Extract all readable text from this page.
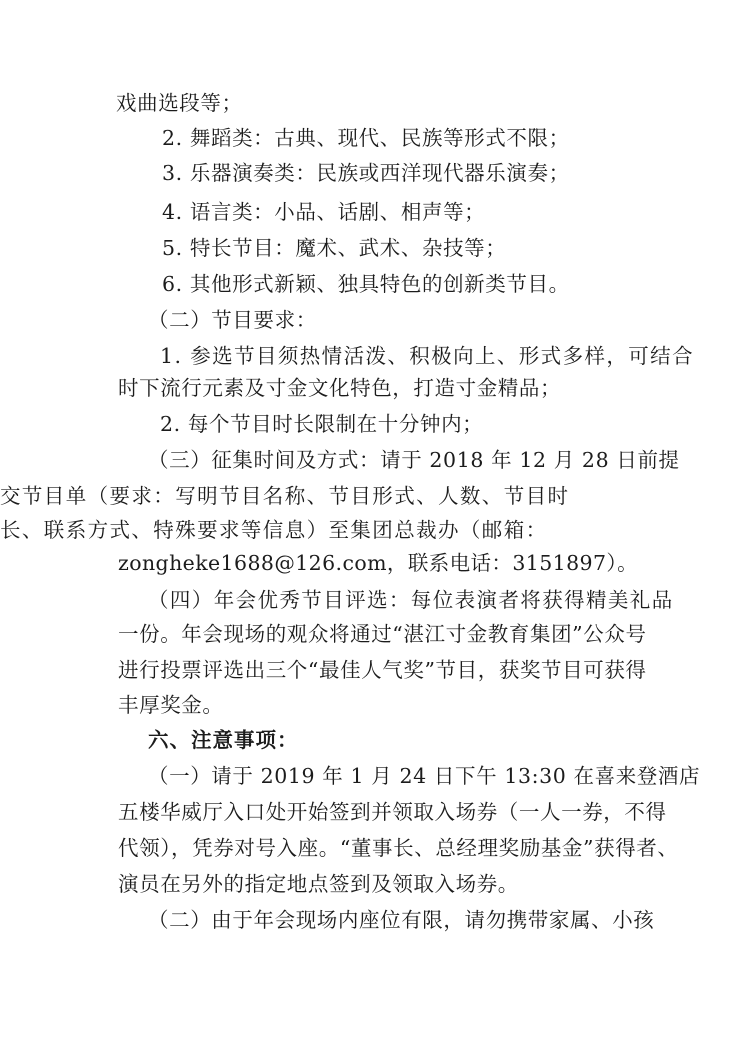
戏曲选段等；
2. 舞蹈类：古典、现代、民族等形式不限；
3. 乐器演奏类：民族或西洋现代器乐演奏；
4. 语言类：小品、话剧、相声等；
5. 特长节目：魔术、武术、杂技等；
6. 其他形式新颖、独具特色的创新类节目。
（二）节目要求：
1. 参选节目须热情活泼、积极向上、形式多样，可结合
时下流行元素及寸金文化特色，打造寸金精品；
2. 每个节目时长限制在十分钟内；
（三）征集时间及方式：请于 2018 年 12 月 28 日前提
交节目单（要求：写明节目名称、节目形式、人数、节目时
长、联系方式、特殊要求等信息）至集团总裁办（邮箱：
zongheke1688@126.com，联系电话：3151897）。
（四）年会优秀节目评选：每位表演者将获得精美礼品
一份。年会现场的观众将通过“湛江寸金教育集团”公众号
进行投票评选出三个“最佳人气奖”节目，获奖节目可获得
丰厚奖金。
六、注意事项：
（一）请于 2019 年 1 月 24 日下午 13:30 在喜来登酒店
五楼华威厅入口处开始签到并领取入场券（一人一券，不得
代领），凭券对号入座。“董事长、总经理奖励基金”获得者、
演员在另外的指定地点签到及领取入场券。
（二）由于年会现场内座位有限，请勿携带家属、小孩
